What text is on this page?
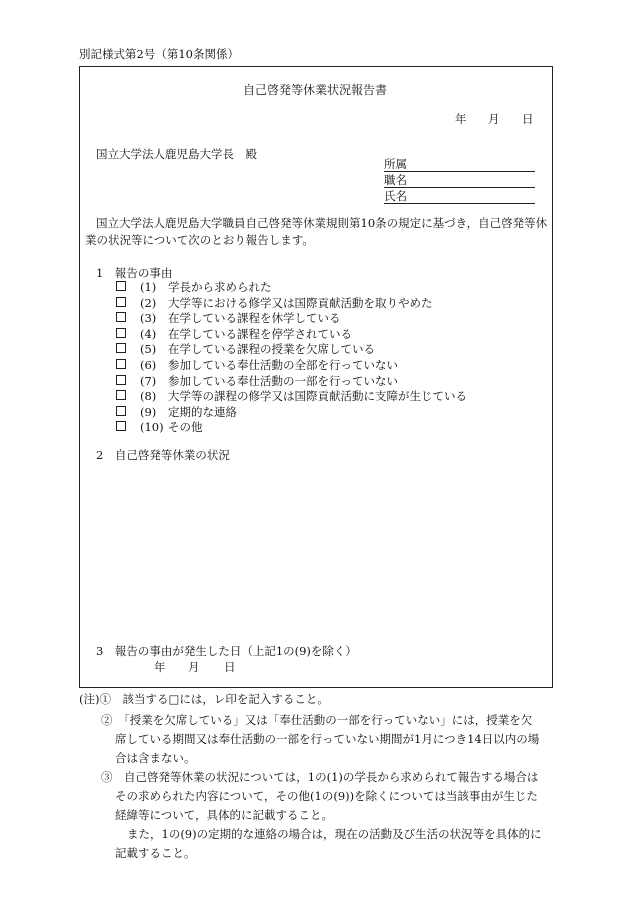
別記様式第2号（第10条関係）
自己啓発等休業状況報告書
年 月 日
国立大学法人鹿児島大学長　殿
所属
職名
氏名
国立大学法人鹿児島大学職員自己啓発等休業規則第10条の規定に基づき，自己啓発等休
業の状況等について次のとおり報告します。
1　報告の事由
(1) 学長から求められた
(2) 大学等における修学又は国際貢献活動を取りやめた
(3) 在学している課程を休学している
(4) 在学している課程を停学されている
(5) 在学している課程の授業を欠席している
(6) 参加している奉仕活動の全部を行っていない
(7) 参加している奉仕活動の一部を行っていない
(8) 大学等の課程の修学又は国際貢献活動に支障が生じている
(9) 定期的な連絡
(10) その他
2　自己啓発等休業の状況
3　報告の事由が発生した日（上記1の(9)を除く）
年 月 日
(注)①　該当する□には，レ印を記入すること。
②　「授業を欠席している」又は「奉仕活動の一部を行っていない」には，授業を欠
席している期間又は奉仕活動の一部を行っていない期間が1月につき14日以内の場
合は含まない。
③　自己啓発等休業の状況については，1の(1)の学長から求められて報告する場合は
その求められた内容について，その他(1の(9))を除くについては当該事由が生じた
経緯等について，具体的に記載すること。
また，1の(9)の定期的な連絡の場合は，現在の活動及び生活の状況等を具体的に
記載すること。
